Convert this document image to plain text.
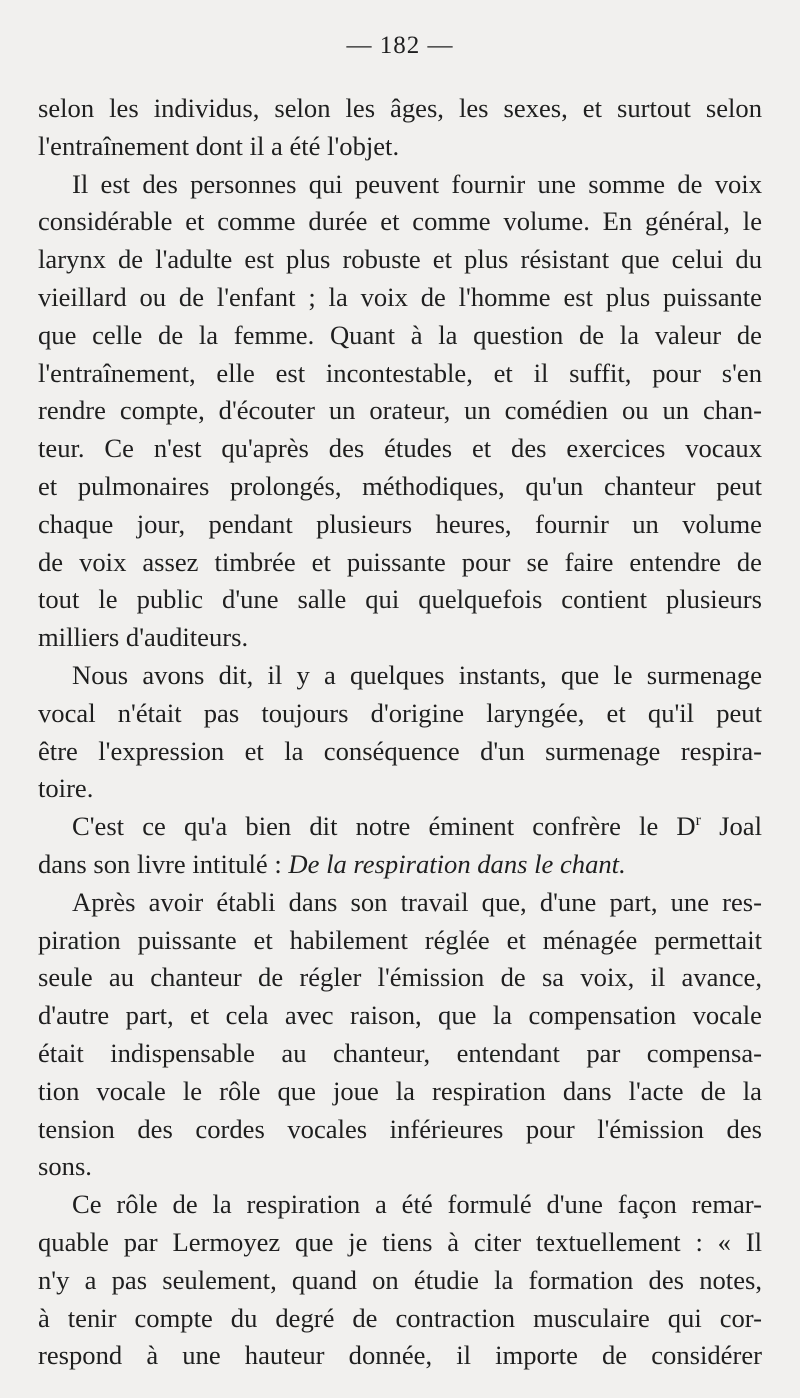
— 182 —

selon les individus, selon les âges, les sexes, et surtout selon
l'entraînement dont il a été l'objet.

Il est des personnes qui peuvent fournir une somme de voix
considérable et comme durée et comme volume. En général, le
larynx de l'adulte est plus robuste et plus résistant que celui du
vieillard ou de l'enfant ; la voix de l'homme est plus puissante
que celle de la femme. Quant à la question de la valeur de
l'entraînement, elle est incontestable, et il suffit, pour s'en
rendre compte, d'écouter un orateur, un comédien ou un chan-
teur. Ce n'est qu'après des études et des exercices vocaux
et pulmonaires prolongés, méthodiques, qu'un chanteur peut
chaque jour, pendant plusieurs heures, fournir un volume
de voix assez timbrée et puissante pour se faire entendre de
tout le public d'une salle qui quelquefois contient plusieurs
milliers d'auditeurs.

Nous avons dit, il y a quelques instants, que le surmenage
vocal n'était pas toujours d'origine laryngée, et qu'il peut
être l'expression et la conséquence d'un surmenage respira-
toire.

C'est ce qu'a bien dit notre éminent confrère le $D^r$ Joal
dans son livre intitulé : De la respiration dans le chant.

Après avoir établi dans son travail que, d'une part, une res-
piration puissante et habilement réglée et ménagée permettait
seule au chanteur de régler l'émission de sa voix, il avance,
d'autre part, et cela avec raison, que la compensation vocale
était indispensable au chanteur, entendant par compensa-
tion vocale le rôle que joue la respiration dans l'acte de la
tension des cordes vocales inférieures pour l'émission des
sons.

Ce rôle de la respiration a été formulé d'une façon remar-
quable par Lermoyez que je tiens à citer textuellement : « Il
n'y a pas seulement, quand on étudie la formation des notes,
à tenir compte du degré de contraction musculaire qui cor-
respond à une hauteur donnée, il importe de considérer
